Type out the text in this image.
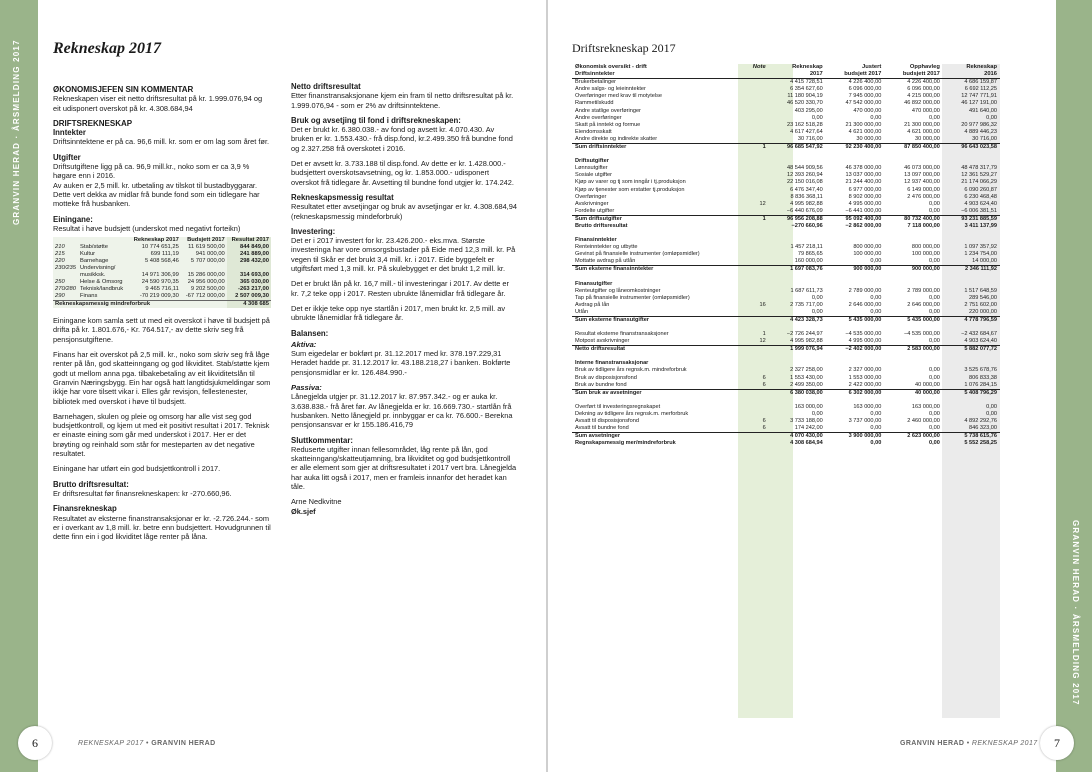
GRANVIN HERAD · ÅRSMELDING 2017
GRANVIN HERAD · ÅRSMELDING 2017
Rekneskap 2017
ØKONOMISJEFEN SIN KOMMENTAR

Rekneskapen viser eit netto driftsresultat på kr. 1.999.076,94 og eit udisponert overskot på kr. 4.308.684,94

DRIFTSREKNESKAP
Inntekter

Driftsinntektene er på ca. 96,6 mill. kr. som er om lag som året før.

Utgifter
Driftsutgiftene ligg på ca. 96,9 mill.kr., noko som er ca 3,9 % høgare enn i 2016.

Av auken er 2,5 mill. kr. utbetaling av tilskot til bustadbyggarar. Dette vert dekka av midlar frå bunde fond som ein tidlegare har motteke frå husbanken.

Einingane:
Resultat i høve budsjett (underskot med negativt forteikn)
		Rekneskap 2017	Budsjett 2017	Resultat 2017
210	Stab/støtte	10 774 651,25	11 619 500,00	844 849,00
215	Kultur	699 111,19	941 000,00	241 889,00
220	Barnehage	5 408 568,46	5 707 000,00	298 432,00
230/235	Undervisning/			
	musikksk.	14 971 306,99	15 286 000,00	314 693,00
250	Helse & Omsorg	24 590 970,35	24 956 000,00	365 030,00
270/280	Teknisk/landbruk	9 465 716,11	9 202 500,00	-263 217,00
290	Finans	-70 219 009,30	-67 712 000,00	2 507 009,30
Rekneskapsmessig mindreforbruk				4 308 685

Einingane kom samla sett ut med eit overskot i høve til budsjett på drifta på kr. 1.801.676,- Kr. 764.517,- av dette skriv seg frå pensjonsutgiftene.

Finans har eit overskot på 2,5 mill. kr., noko som skriv seg frå låge renter på lån, god skatteinngang og god likviditet. Stab/støtte kjem godt ut mellom anna pga. tilbakebetaling av eit likviditetslån til Granvin Næringsbygg. Ein har også hatt langtidsjukmeldingar som ikkje har vore tilsett vikar i. Elles går revisjon, fellestenester, bibliotek med overskot i høve til budsjett.

Barnehagen, skulen og pleie og omsorg har alle vist seg god budsjettkontroll, og kjem ut med eit positivt resultat i 2017. Teknisk er einaste eining som går med underskot i 2017. Her er det brøyting og reinhald som står for mesteparten av det negative resultatet.

Einingane har utført ein god budsjettkontroll i 2017.

Brutto driftsresultat:

Er driftsresultat før finansrekneskapen: kr -270.660,96.

Finansrekneskap

Resultatet av eksterne finanstransaksjonar er kr. -2.726.244.- som er i overkant av 1,8 mill. kr. betre enn budsjettert. Hovudgrunnen til dette finn ein i god likviditet låge renter på låna.

Netto driftsresultat

Etter finanstransaksjonane kjem ein fram til netto driftsresultat på kr. 1.999.076,94 - som er 2% av driftsinntektene.

Bruk og avsetjing til fond i driftsrekneskapen:

Det er brukt kr. 6.380.038.- av fond og avsett kr. 4.070.430. Av bruken er kr. 1.553.430.- frå disp.fond, kr.2.499.350 frå bundne fond og 2.327.258 frå overskotet i 2016.

Det er avsett kr. 3.733.188 til disp.fond. Av dette er kr. 1.428.000.- budsjettert overskotsavsetning, og kr. 1.853.000.- udisponert overskot frå tidlegare år. Avsetting til bundne fond utgjer kr. 174.242.

Rekneskapsmessig resultat

Resultatet etter avsetjingar og bruk av avsetjingar er kr. 4.308.684,94 (rekneskapsmessig mindeforbruk)

Investering:

Det er i 2017 investert for kr. 23.426.200.- eks.mva. Største investeringa har vore omsorgsbustader på Eide med 12,3 mill. kr. På vegen til Skår er det brukt 3,4 mill. kr. i 2017. Eide byggefelt er utgiftsført med 1,3 mill. kr. På skulebygget er det brukt 1,2 mill. kr.

Det er brukt lån på kr. 16,7 mill.- til investeringar i 2017. Av dette er kr. 7,2 teke opp i 2017. Resten ubrukte lånemidlar frå tidlegare år.

Det er ikkje teke opp nye startlån i 2017, men brukt kr. 2,5 mill. av ubrukte lånemidlar frå tidlegare år.

Balansen:
Aktiva:

Sum eigedelar er bokført pr. 31.12.2017 med kr. 378.197.229,31 Heradet hadde pr. 31.12.2017 kr. 43.188.218,27 i banken. Bokførte pensjonsmidlar er kr. 126.484.990.-

Passiva:

Lånegjelda utgjer pr. 31.12.2017 kr. 87.957.342.- og er auka kr. 3.638.838.- frå året før. Av lånegjelda er kr. 16.669.730.- startlån frå husbanken. Netto lånegjeld pr. innbyggar er ca kr. 76.600.- Berekna pensjonsansvar er kr 155.186.416,79

Sluttkommentar:

Reduserte utgifter innan fellesområdet, låg rente på lån, god skatteinngang/skatteutjamning, bra likviditet og god budsjettkontroll er alle element som gjer at driftsresultatet i 2017 vert bra. Lånegjelda har auka litt også i 2017, men er framleis innanfor det heradet kan tåle.

Arne Nedkvitne
Øk.sjef
Driftsrekneskap 2017
Økonomisk oversikt - drift	Note	Rekneskap	Justert	Opphavleg	Rekneskap
Driftsinntekter		2017	budsjett 2017	budsjett 2017	2016
Brukerbetalinger		4 415 728,51	4 226 400,00	4 226 400,00	4 686 159,87
Andre salgs- og leieinntekter		6 354 627,60	6 096 000,00	6 096 000,00	6 692 112,25
Overføringer med krav til motytelse		11 180 904,19	7 945 000,00	4 215 000,00	12 747 771,91
Rammetilskudd		46 520 330,70	47 542 000,00	46 892 000,00	46 127 191,00
Andre statlige overføringer		403 295,00	470 000,00	470 000,00	491 640,00
Andre overføringer		0,00	0,00	0,00	0,00
Skatt på inntekt og formue		23 162 518,28	21 300 000,00	21 300 000,00	20 977 986,32
Eiendomsskatt		4 617 427,64	4 621 000,00	4 621 000,00	4 889 446,23
Andre direkte og indirekte skatter		30 716,00	30 000,00	30 000,00	30 716,00
Sum driftsinntekter	1	96 685 547,92	92 230 400,00	87 850 400,00	96 643 023,58
Driftsutgifter					
Lønnsutgifter		48 544 909,56	46 378 000,00	46 073 000,00	48 478 317,79
Sosiale utgifter		12 393 260,94	13 037 000,00	13 097 000,00	12 361 529,27
Kjøp av varer og tj som inngår i tj.produksjon		22 150 016,08	21 244 400,00	12 937 400,00	21 174 066,29
Kjøp av tjenester som erstatter tj.produksjon		6 476 347,40	6 977 000,00	6 149 000,00	6 090 260,87
Overføringer		8 836 368,11	8 902 000,00	2 476 000,00	6 230 468,48
Avskrivninger	12	4 995 982,88	4 995 000,00	0,00	4 903 624,40
Fordelte utgifter		−6 440 676,09	−6 441 000,00	0,00	−6 006 381,51
Sum driftsutgifter	1	96 956 208,88	95 092 400,00	80 732 400,00	93 231 885,59
Brutto driftsresultat		−270 660,96	−2 862 000,00	7 118 000,00	3 411 137,99
Finansinntekter					
Renteinntekter og utbytte		1 457 218,11	800 000,00	800 000,00	1 097 357,92
Gevinst på finansielle instrumenter (omløpsmidler)		79 865,65	100 000,00	100 000,00	1 234 754,00
Mottatte avdrag på utlån		160 000,00	0,00	0,00	14 000,00
Sum eksterne finansinntekter		1 697 083,76	900 000,00	900 000,00	2 346 111,92
Finansutgifter					
Renteutgifter og låneomkostninger		1 687 611,73	2 789 000,00	2 789 000,00	1 517 648,59
Tap på finansielle instrumenter (omløpsmidler)		0,00	0,00	0,00	289 546,00
Avdrag på lån	16	2 735 717,00	2 646 000,00	2 646 000,00	2 751 602,00
Utlån		0,00	0,00	0,00	220 000,00
Sum eksterne finansutgifter		4 423 328,73	5 435 000,00	5 435 000,00	4 778 796,59

Resultat eksterne finanstransaksjoner	1	−2 726 244,97	−4 535 000,00	−4 535 000,00	−2 432 684,67
Motpost avskrivninger	12	4 995 982,88	4 995 000,00	0,00	4 903 624,40
Netto driftsresultat		1 999 076,94	−2 402 000,00	2 583 000,00	5 882 077,72
Interne finanstransaksjonar					
Bruk av tidligere års regnsk.m. mindreforbruk		2 327 258,00	2 327 000,00	0,00	3 525 678,76
Bruk av disposisjonsfond	6	1 553 430,00	1 553 000,00	0,00	806 833,38
Bruk av bundne fond	6	2 499 350,00	2 422 000,00	40 000,00	1 076 284,15
Sum bruk av avsetninger		6 380 038,00	6 302 000,00	40 000,00	5 408 796,29

Overført til investeringsregnskapet		163 000,00	163 000,00	163 000,00	0,00
Dekning av tidligere års regnsk.m. merforbruk		0,00	0,00	0,00	0,00
Avsatt til disposisjonsfond	6	3 733 188,00	3 737 000,00	2 460 000,00	4 892 292,76
Avsatt til bundne fond	6	174 242,00	0,00	0,00	846 323,00
Sum avsetninger		4 070 430,00	3 900 000,00	2 623 000,00	5 738 615,76
Regnskapsmessig mer/mindreforbruk		4 308 684,94	0,00	0,00	5 552 258,25
6	REKNESKAP 2017 • GRANVIN HERAD	GRANVIN HERAD • REKNESKAP 2017	7
